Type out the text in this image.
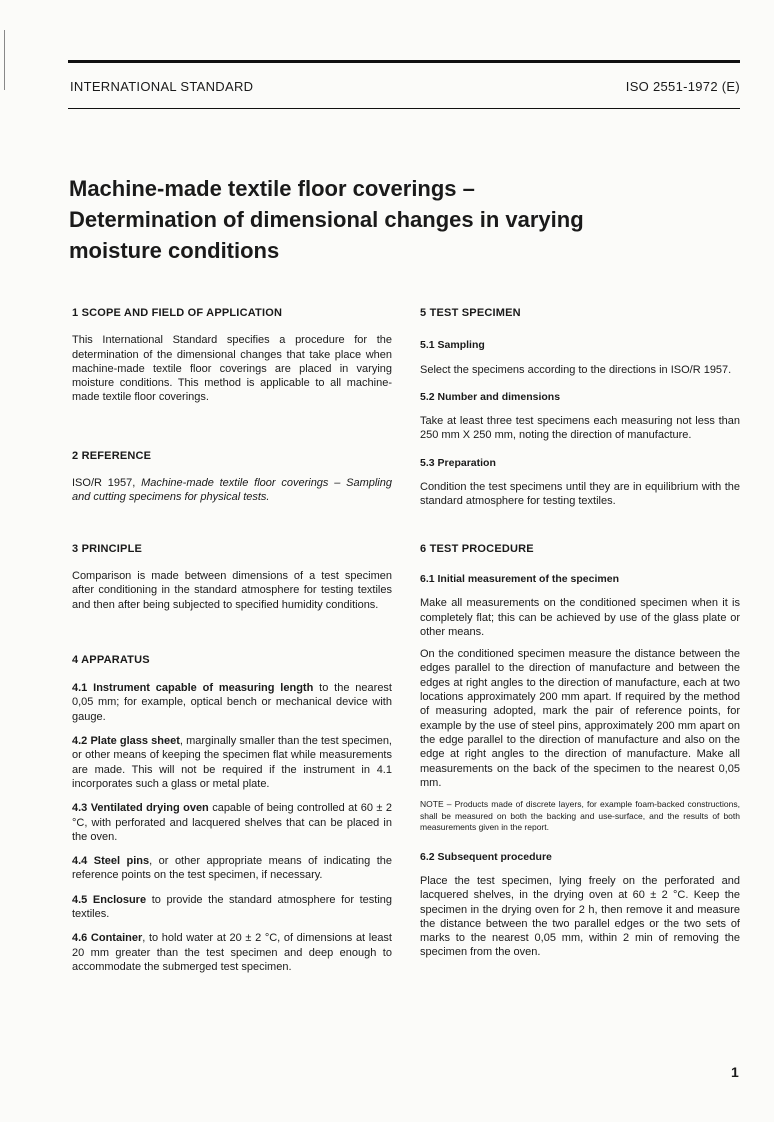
INTERNATIONAL STANDARD	ISO 2551-1972 (E)
Machine-made textile floor coverings –
Determination of dimensional changes in varying
moisture conditions
1 SCOPE AND FIELD OF APPLICATION

This International Standard specifies a procedure for the determination of the dimensional changes that take place when machine-made textile floor coverings are placed in varying moisture conditions. This method is applicable to all machine-made textile floor coverings.

2 REFERENCE

ISO/R 1957, Machine-made textile floor coverings – Sampling and cutting specimens for physical tests.

3 PRINCIPLE

Comparison is made between dimensions of a test specimen after conditioning in the standard atmosphere for testing textiles and then after being subjected to specified humidity conditions.

4 APPARATUS

4.1 Instrument capable of measuring length to the nearest 0,05 mm; for example, optical bench or mechanical device with gauge.

4.2 Plate glass sheet, marginally smaller than the test specimen, or other means of keeping the specimen flat while measurements are made. This will not be required if the instrument in 4.1 incorporates such a glass or metal plate.

4.3 Ventilated drying oven capable of being controlled at 60 ± 2 °C, with perforated and lacquered shelves that can be placed in the oven.

4.4 Steel pins, or other appropriate means of indicating the reference points on the test specimen, if necessary.

4.5 Enclosure to provide the standard atmosphere for testing textiles.

4.6 Container, to hold water at 20 ± 2 °C, of dimensions at least 20 mm greater than the test specimen and deep enough to accommodate the submerged test specimen.

5 TEST SPECIMEN
5.1 Sampling

Select the specimens according to the directions in ISO/R 1957.

5.2 Number and dimensions

Take at least three test specimens each measuring not less than 250 mm X 250 mm, noting the direction of manufacture.

5.3 Preparation

Condition the test specimens until they are in equilibrium with the standard atmosphere for testing textiles.

6 TEST PROCEDURE
6.1 Initial measurement of the specimen

Make all measurements on the conditioned specimen when it is completely flat; this can be achieved by use of the glass plate or other means.

On the conditioned specimen measure the distance between the edges parallel to the direction of manufacture and between the edges at right angles to the direction of manufacture, each at two locations approximately 200 mm apart. If required by the method of measuring adopted, mark the pair of reference points, for example by the use of steel pins, approximately 200 mm apart on the edge parallel to the direction of manufacture and also on the edge at right angles to the direction of manufacture. Make all measurements on the back of the specimen to the nearest 0,05 mm.

NOTE – Products made of discrete layers, for example foam-backed constructions, shall be measured on both the backing and use-surface, and the results of both measurements given in the report.

6.2 Subsequent procedure

Place the test specimen, lying freely on the perforated and lacquered shelves, in the drying oven at 60 ± 2 °C. Keep the specimen in the drying oven for 2 h, then remove it and measure the distance between the two parallel edges or the two sets of marks to the nearest 0,05 mm, within 2 min of removing the specimen from the oven.

1
